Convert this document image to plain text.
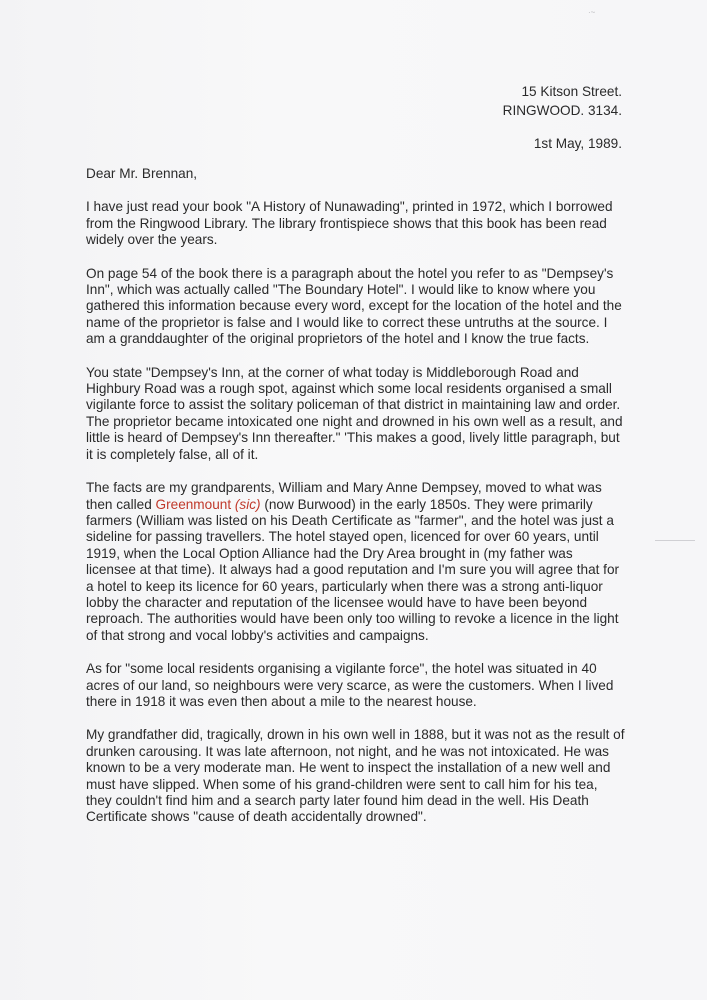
·~
15 Kitson Street.
RINGWOOD. 3134.
1st May, 1989.

Dear Mr. Brennan,

I have just read your book "A History of Nunawading", printed in 1972, which I borrowed from the Ringwood Library. The library frontispiece shows that this book has been read widely over the years.

On page 54 of the book there is a paragraph about the hotel you refer to as "Dempsey's Inn", which was actually called "The Boundary Hotel". I would like to know where you gathered this information because every word, except for the location of the hotel and the name of the proprietor is false and I would like to correct these untruths at the source. I am a granddaughter of the original proprietors of the hotel and I know the true facts.

You state "Dempsey's Inn, at the corner of what today is Middleborough Road and Highbury Road was a rough spot, against which some local residents organised a small vigilante force to assist the solitary policeman of that district in maintaining law and order. The proprietor became intoxicated one night and drowned in his own well as a result, and little is heard of Dempsey's Inn thereafter." 'This makes a good, lively little paragraph, but it is completely false, all of it.

The facts are my grandparents, William and Mary Anne Dempsey, moved to what was then called Greenmount (sic) (now Burwood) in the early 1850s. They were primarily farmers (William was listed on his Death Certificate as "farmer", and the hotel was just a sideline for passing travellers. The hotel stayed open, licenced for over 60 years, until 1919, when the Local Option Alliance had the Dry Area brought in (my father was licensee at that time). It always had a good reputation and I'm sure you will agree that for a hotel to keep its licence for 60 years, particularly when there was a strong anti-liquor lobby the character and reputation of the licensee would have to have been beyond reproach. The authorities would have been only too willing to revoke a licence in the light of that strong and vocal lobby's activities and campaigns.

As for "some local residents organising a vigilante force", the hotel was situated in 40 acres of our land, so neighbours were very scarce, as were the customers. When I lived there in 1918 it was even then about a mile to the nearest house.

My grandfather did, tragically, drown in his own well in 1888, but it was not as the result of drunken carousing. It was late afternoon, not night, and he was not intoxicated. He was known to be a very moderate man. He went to inspect the installation of a new well and must have slipped. When some of his grand-children were sent to call him for his tea, they couldn't find him and a search party later found him dead in the well. His Death Certificate shows "cause of death accidentally drowned".
